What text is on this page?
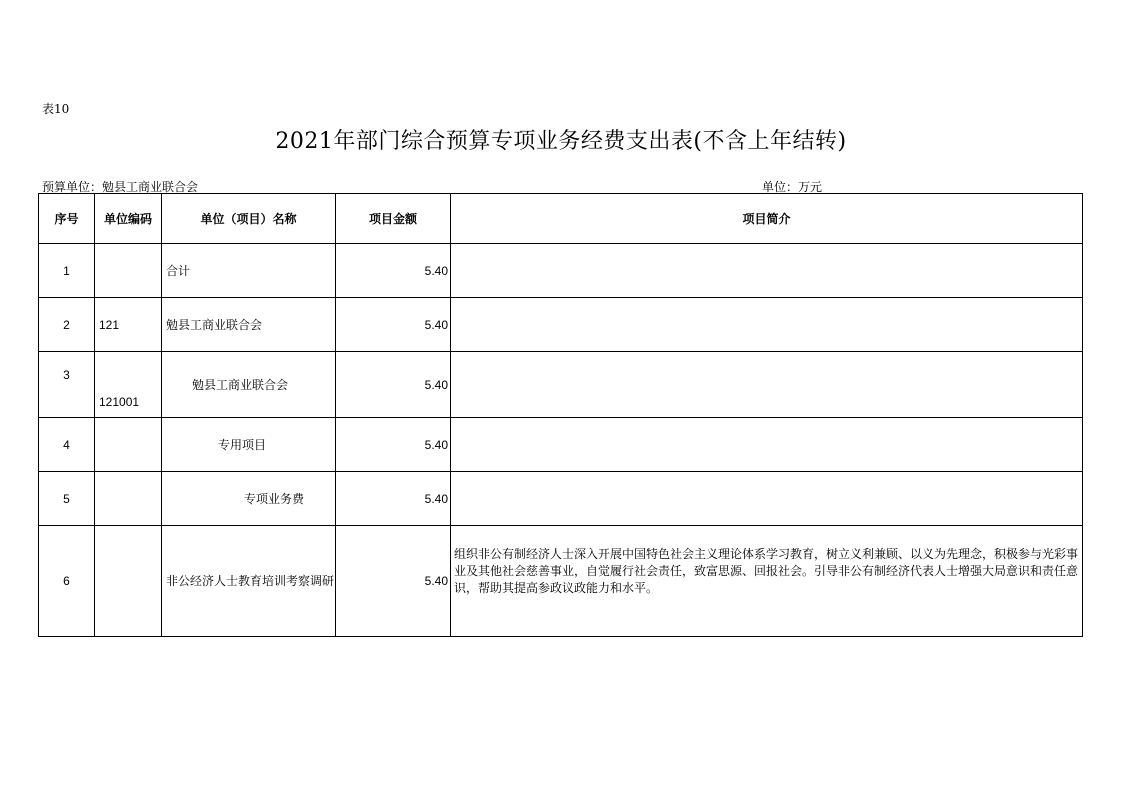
表10
2021年部门综合预算专项业务经费支出表(不含上年结转)
预算单位：勉县工商业联合会	单位：万元
序号	单位编码	单位（项目）名称	项目金额	项目简介
1		合计	5.40	
2	121	勉县工商业联合会	5.40	
3	121001	勉县工商业联合会	5.40	
4		专用项目	5.40	
5		专项业务费	5.40	
6		非公经济人士教育培训考察调研	5.40	组织非公有制经济人士深入开展中国特色社会主义理论体系学习教育，树立义利兼顾、以义为先理念，积极参与光彩事业及其他社会慈善事业，自觉履行社会责任，致富思源、回报社会。引导非公有制经济代表人士增强大局意识和责任意识，帮助其提高参政议政能力和水平。
